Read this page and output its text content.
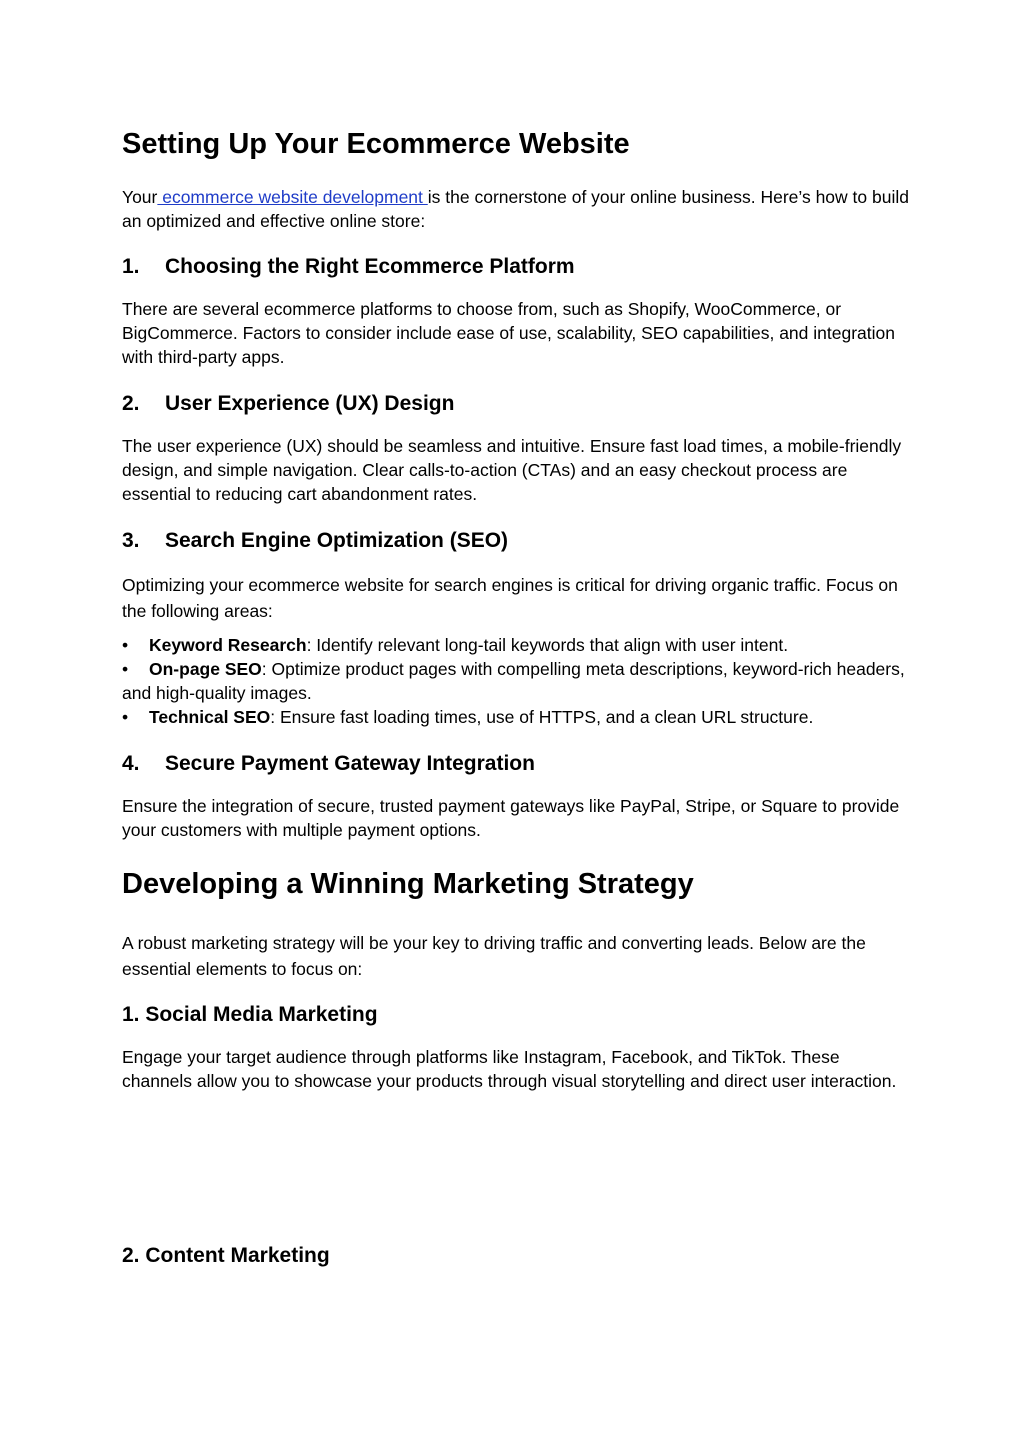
Setting Up Your Ecommerce Website

Your ecommerce website development is the cornerstone of your online business. Here’s how to build an optimized and effective online store:

1. Choosing the Right Ecommerce Platform

There are several ecommerce platforms to choose from, such as Shopify, WooCommerce, or BigCommerce. Factors to consider include ease of use, scalability, SEO capabilities, and integration with third-party apps.

2. User Experience (UX) Design

The user experience (UX) should be seamless and intuitive. Ensure fast load times, a mobile-friendly design, and simple navigation. Clear calls-to-action (CTAs) and an easy checkout process are essential to reducing cart abandonment rates.

3. Search Engine Optimization (SEO)

Optimizing your ecommerce website for search engines is critical for driving organic traffic. Focus on the following areas:

• Keyword Research: Identify relevant long-tail keywords that align with user intent.
• On-page SEO: Optimize product pages with compelling meta descriptions, keyword-rich headers, and high-quality images.
• Technical SEO: Ensure fast loading times, use of HTTPS, and a clean URL structure.
4. Secure Payment Gateway Integration

Ensure the integration of secure, trusted payment gateways like PayPal, Stripe, or Square to provide your customers with multiple payment options.

Developing a Winning Marketing Strategy

A robust marketing strategy will be your key to driving traffic and converting leads. Below are the essential elements to focus on:

1. Social Media Marketing

Engage your target audience through platforms like Instagram, Facebook, and TikTok. These channels allow you to showcase your products through visual storytelling and direct user interaction.

2. Content Marketing
